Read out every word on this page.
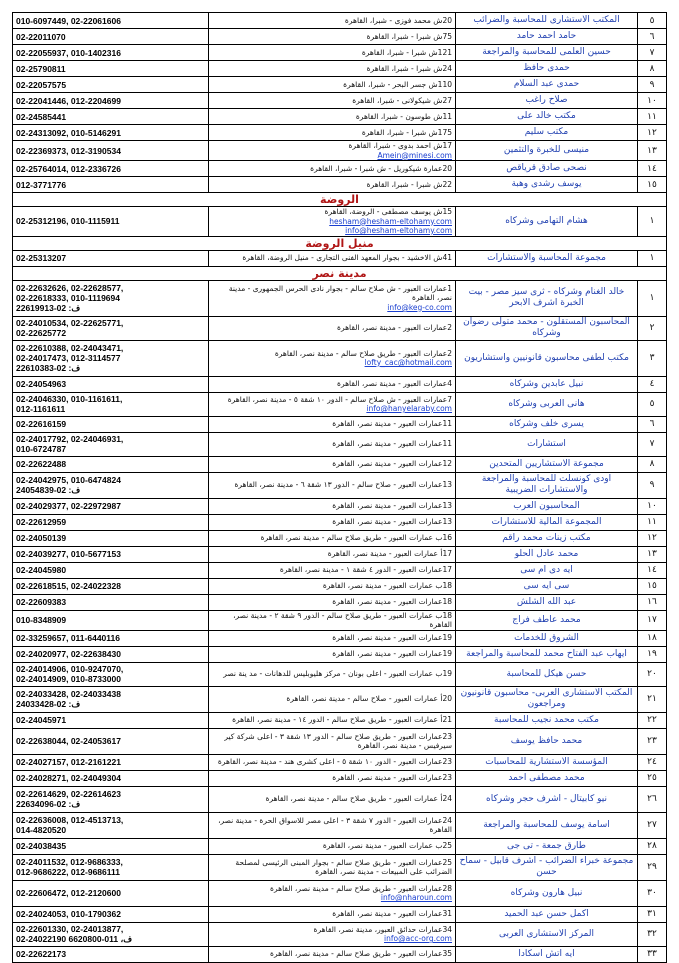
٥	المكتب الاستشارى للمحاسبة والضرائب	20ش محمد فوزى - شبرا، القاهرة	010-6097449, 02-22061606

٦	حامد احمد حامد	75ش شبرا - شبرا، القاهرة	02-22011070

٧	حسين العلمى للمحاسبة والمراجعة	121ش شبرا - شبرا، القاهرة	02-22055937, 010-1402316

٨	حمدى حافظ	24ش شبرا - شبرا، القاهرة	02-25790811

٩	حمدى عبد السلام	110ش جسر البحر - شبرا، القاهرة	02-22057575

١٠	صلاح راغب	27ش شيكولانى - شبرا، القاهرة	02-22041446, 012-2204699

١١	مكتب خالد على	11ش طوسون - شبرا، القاهرة	02-24585441

١٢	مكتب سليم	175ش شبرا - شبرا، القاهرة	02-24313092, 010-5146291

١٣	منيسى للخبرة والتثمين	17ش احمد بدوى - شبرا، القاهرة
Amein@minesi.com	02-22369373, 012-3190534

١٤	نصحى صادق قرياقص	20عمارة شيكوريل - ش شبرا - شبرا، القاهرة	02-25764014, 012-2336726

١٥	يوسف رشدى وهبة	22ش شبرا - شبرا، القاهرة	012-3771776

الروضة			
١	هشام التهامى وشركاه	15ش يوسف مصطفى - الروضة، القاهرة
hesham@hesham-eltohamy.com
info@hesham-eltohamy.com	02-25312196, 010-1115911

منيل الروضة			
١	مجموعة المحاسبة والاستشارات	41ش الاخشيد - بجوار المعهد الفنى التجارى - منيل الروضة، القاهرة	02-25313207

مدينة نصر			
١	خالد الغنام وشركاه - ثرى سيز مصر - بيت الخبرة اشرف الابحر	1عمارات العبور - ش صلاح سالم - بجوار نادى الحرس الجمهورى - مدينة نصر، القاهرة
info@keg-co.com	02-22632626, 02-22628577,
02-22618333, 010-1119694
ف: 02-22619913

٢	المحاسبون المستقلون - محمد متولى رضوان وشركاه	2عمارات العبور - مدينة نصر، القاهرة	02-24010534, 02-22625771,
02-22625772

٣	مكتب لطفى محاسبون قانونيين واستشاريون	2عمارات العبور - طريق صلاح سالم - مدينة نصر، القاهرة
lofty_cac@hotmail.com	02-22610388, 02-24043471,
02-24017473, 012-3114577
ف: 02-22610383

٤	نبيل عابدين وشركاه	4عمارات العبور - مدينة نصر، القاهرة	02-24054963

٥	هانى العربى وشركاه	7عمارات العبور - ش صلاح سالم - الدور ١٠ شقة ٥ - مدينة نصر، القاهرة
info@hanyelaraby.com	02-24046330, 010-1161611,
012-1161611

٦	يسرى خلف وشركاه	11عمارات العبور - مدينة نصر، القاهرة	02-22616159

٧	استشارات	11عمارات العبور - مدينة نصر، القاهرة	02-24017792, 02-24046931,
010-6724787

٨	مجموعة الاستشاريين المتحدين	12عمارات العبور - مدينة نصر، القاهرة	02-22622488

٩	اودى كونسلت للمحاسبة والمراجعة والاستشارات الضريبية	13عمارات العبور - صلاح سالم - الدور ١٣ شقة ٦ - مدينة نصر، القاهرة	02-24042975, 010-6474824
ف: 02-24054839

١٠	المحاسبون العرب	13عمارات العبور - مدينة نصر، القاهرة	02-24029377, 02-22972987

١١	المجموعة المالية للاستشارات	13عمارات العبور - مدينة نصر، القاهرة	02-22612959

١٢	مكتب زينات محمد راقم	16ب عمارات العبور - طريق صلاح سالم - مدينة نصر، القاهرة	02-24050139

١٣	محمد عادل الحلو	17أ عمارات العبور - مدينة نصر، القاهرة	02-24039277, 010-5677153

١٤	ايه دى ام سى	17عمارات العبور - الدور ٤ شقة ١ - مدينة نصر، القاهرة	02-24045980

١٥	سى ايه سى	18ب عمارات العبور - مدينة نصر، القاهرة	02-22618515, 02-24022328

١٦	عبد الله الشلش	18عمارات العبور - مدينة نصر، القاهرة	02-22609383

١٧	محمد عاطف فراج	18ب عمارات العبور - طريق صلاح سالم - الدور ٩ شقة ٢ - مدينة نصر، القاهرة	010-8348909

١٨	الشروق للخدمات	19عمارات العبور - مدينة نصر، القاهرة	02-33259657, 011-6440116

١٩	ايهاب عبد الفتاح محمد للمحاسبة والمراجعة	19عمارات العبور - مدينة نصر، القاهرة	02-24020977, 02-22638430

٢٠	حسن هيكل للمحاسبة	19ب عمارات العبور - اعلى بونان - مركز هليوبليس للدهانات - مد ينة نصر	02-24014906, 010-9247070,
02-24014909, 010-8733000

٢١	المكتب الاستشارى العربى- محاسبون قانونيون ومراجعون	20أ عمارات العبور - صلاح سالم - مدينة نصر، القاهرة	02-24033428, 02-24033438
ف: 02-24033428

٢٢	مكتب محمد نجيب للمحاسبة	21أ عمارات العبور - طريق صلاح سالم - الدور ١٤ - مدينة نصر، القاهرة	02-24045971

٢٣	محمد حافظ يوسف	23عمارات العبور - طريق صلاح سالم - الدور ١٣ شقة ٣ - اعلى شركة كير سيرفيس - مدينة نصر، القاهرة	02-22638044, 02-24053617

٢٤	المؤسسة الاستشارية للمحاسبات	23عمارات العبور - الدور ١٠ شقة ٥ - اعلى كشرى هند - مدينة نصر، القاهرة	02-24027157, 012-2161221

٢٥	محمد مصطفى احمد	23عمارات العبور - مدينة نصر، القاهرة	02-24028271, 02-24049304

٢٦	نيو كابيتال - اشرف حجر وشركاه	24أ عمارات العبور - طريق صلاح سالم - مدينة نصر، القاهرة	02-22614629, 02-22614623
ف: 02-22634096

٢٧	اسامة يوسف للمحاسبة والمراجعة	24عمارات العبور - الدور ٧ شقة ٣ - اعلى مصر للاسواق الحرة - مدينة نصر، القاهرة	02-22636008, 012-4513713,
014-4820520

٢٨	طارق جمعة - تى جى	25ب عمارات العبور - مدينة نصر، القاهرة	02-24038435

٢٩	مجموعة خبراء الضرائب - اشرف قابيل - سماح حسن	25عمارات العبور - طريق صلاح سالم - بجوار المبنى الرئيسى لمصلحة الضرائب على المبيعات - مدينة نصر، القاهرة	02-24011532, 012-9686333,
012-9686222, 012-9686111

٣٠	نبيل هارون وشركاه	28عمارات العبور - طريق صلاح سالم - مدينة نصر، القاهرة
info@nharoun.com	02-22606472, 012-2120600

٣١	اكمل حسن عبد الحميد	31عمارات العبور - مدينة نصر، القاهرة	02-24024053, 010-1790362

٣٢	المركز الاستشارى العربى	34عمارات حدائق العبور، مدينة نصر، القاهرة
info@acc-org.com	02-22601330, 02-24013877,
02-24022190 ف، 011-6620800

٣٣	ايه اتش اسكادا	35عمارات العبور - طريق صلاح سالم - مدينة نصر، القاهرة	02-22622173
